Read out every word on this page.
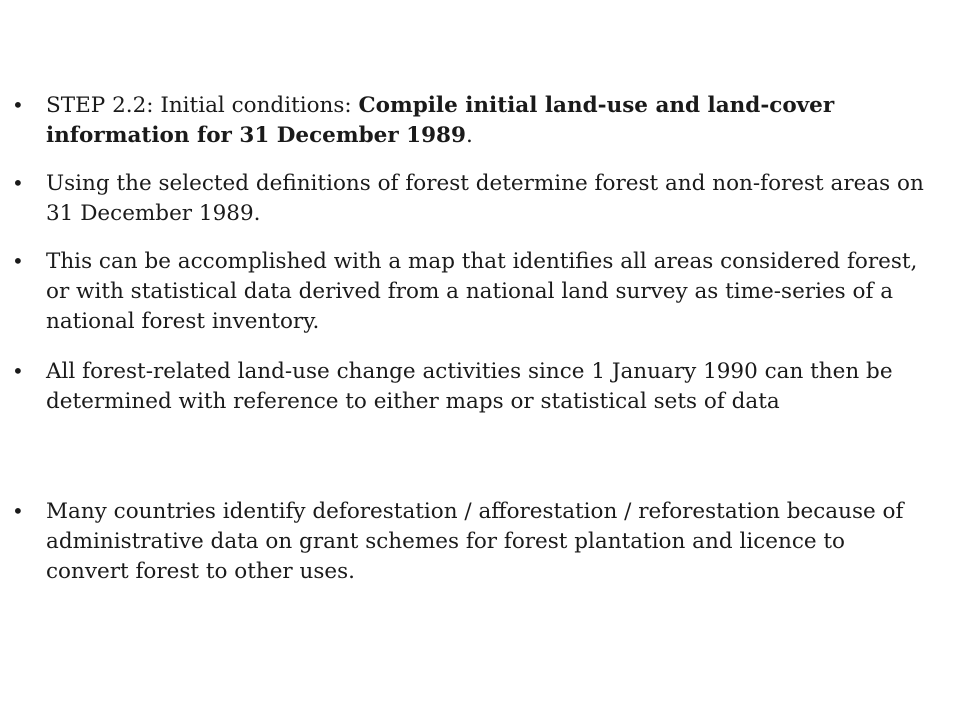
• STEP 2.2: Initial conditions: Compile initial land-use and land-cover information for 31 December 1989.
• Using the selected definitions of forest determine forest and non-forest areas on 31 December 1989.
• This can be accomplished with a map that identifies all areas considered forest, or with statistical data derived from a national land survey as time-series of a national forest inventory.
• All forest-related land-use change activities since 1 January 1990 can then be determined with reference to either maps or statistical sets of data
• Many countries identify deforestation / afforestation / reforestation because of administrative data on grant schemes for forest plantation and licence to convert forest to other uses.
